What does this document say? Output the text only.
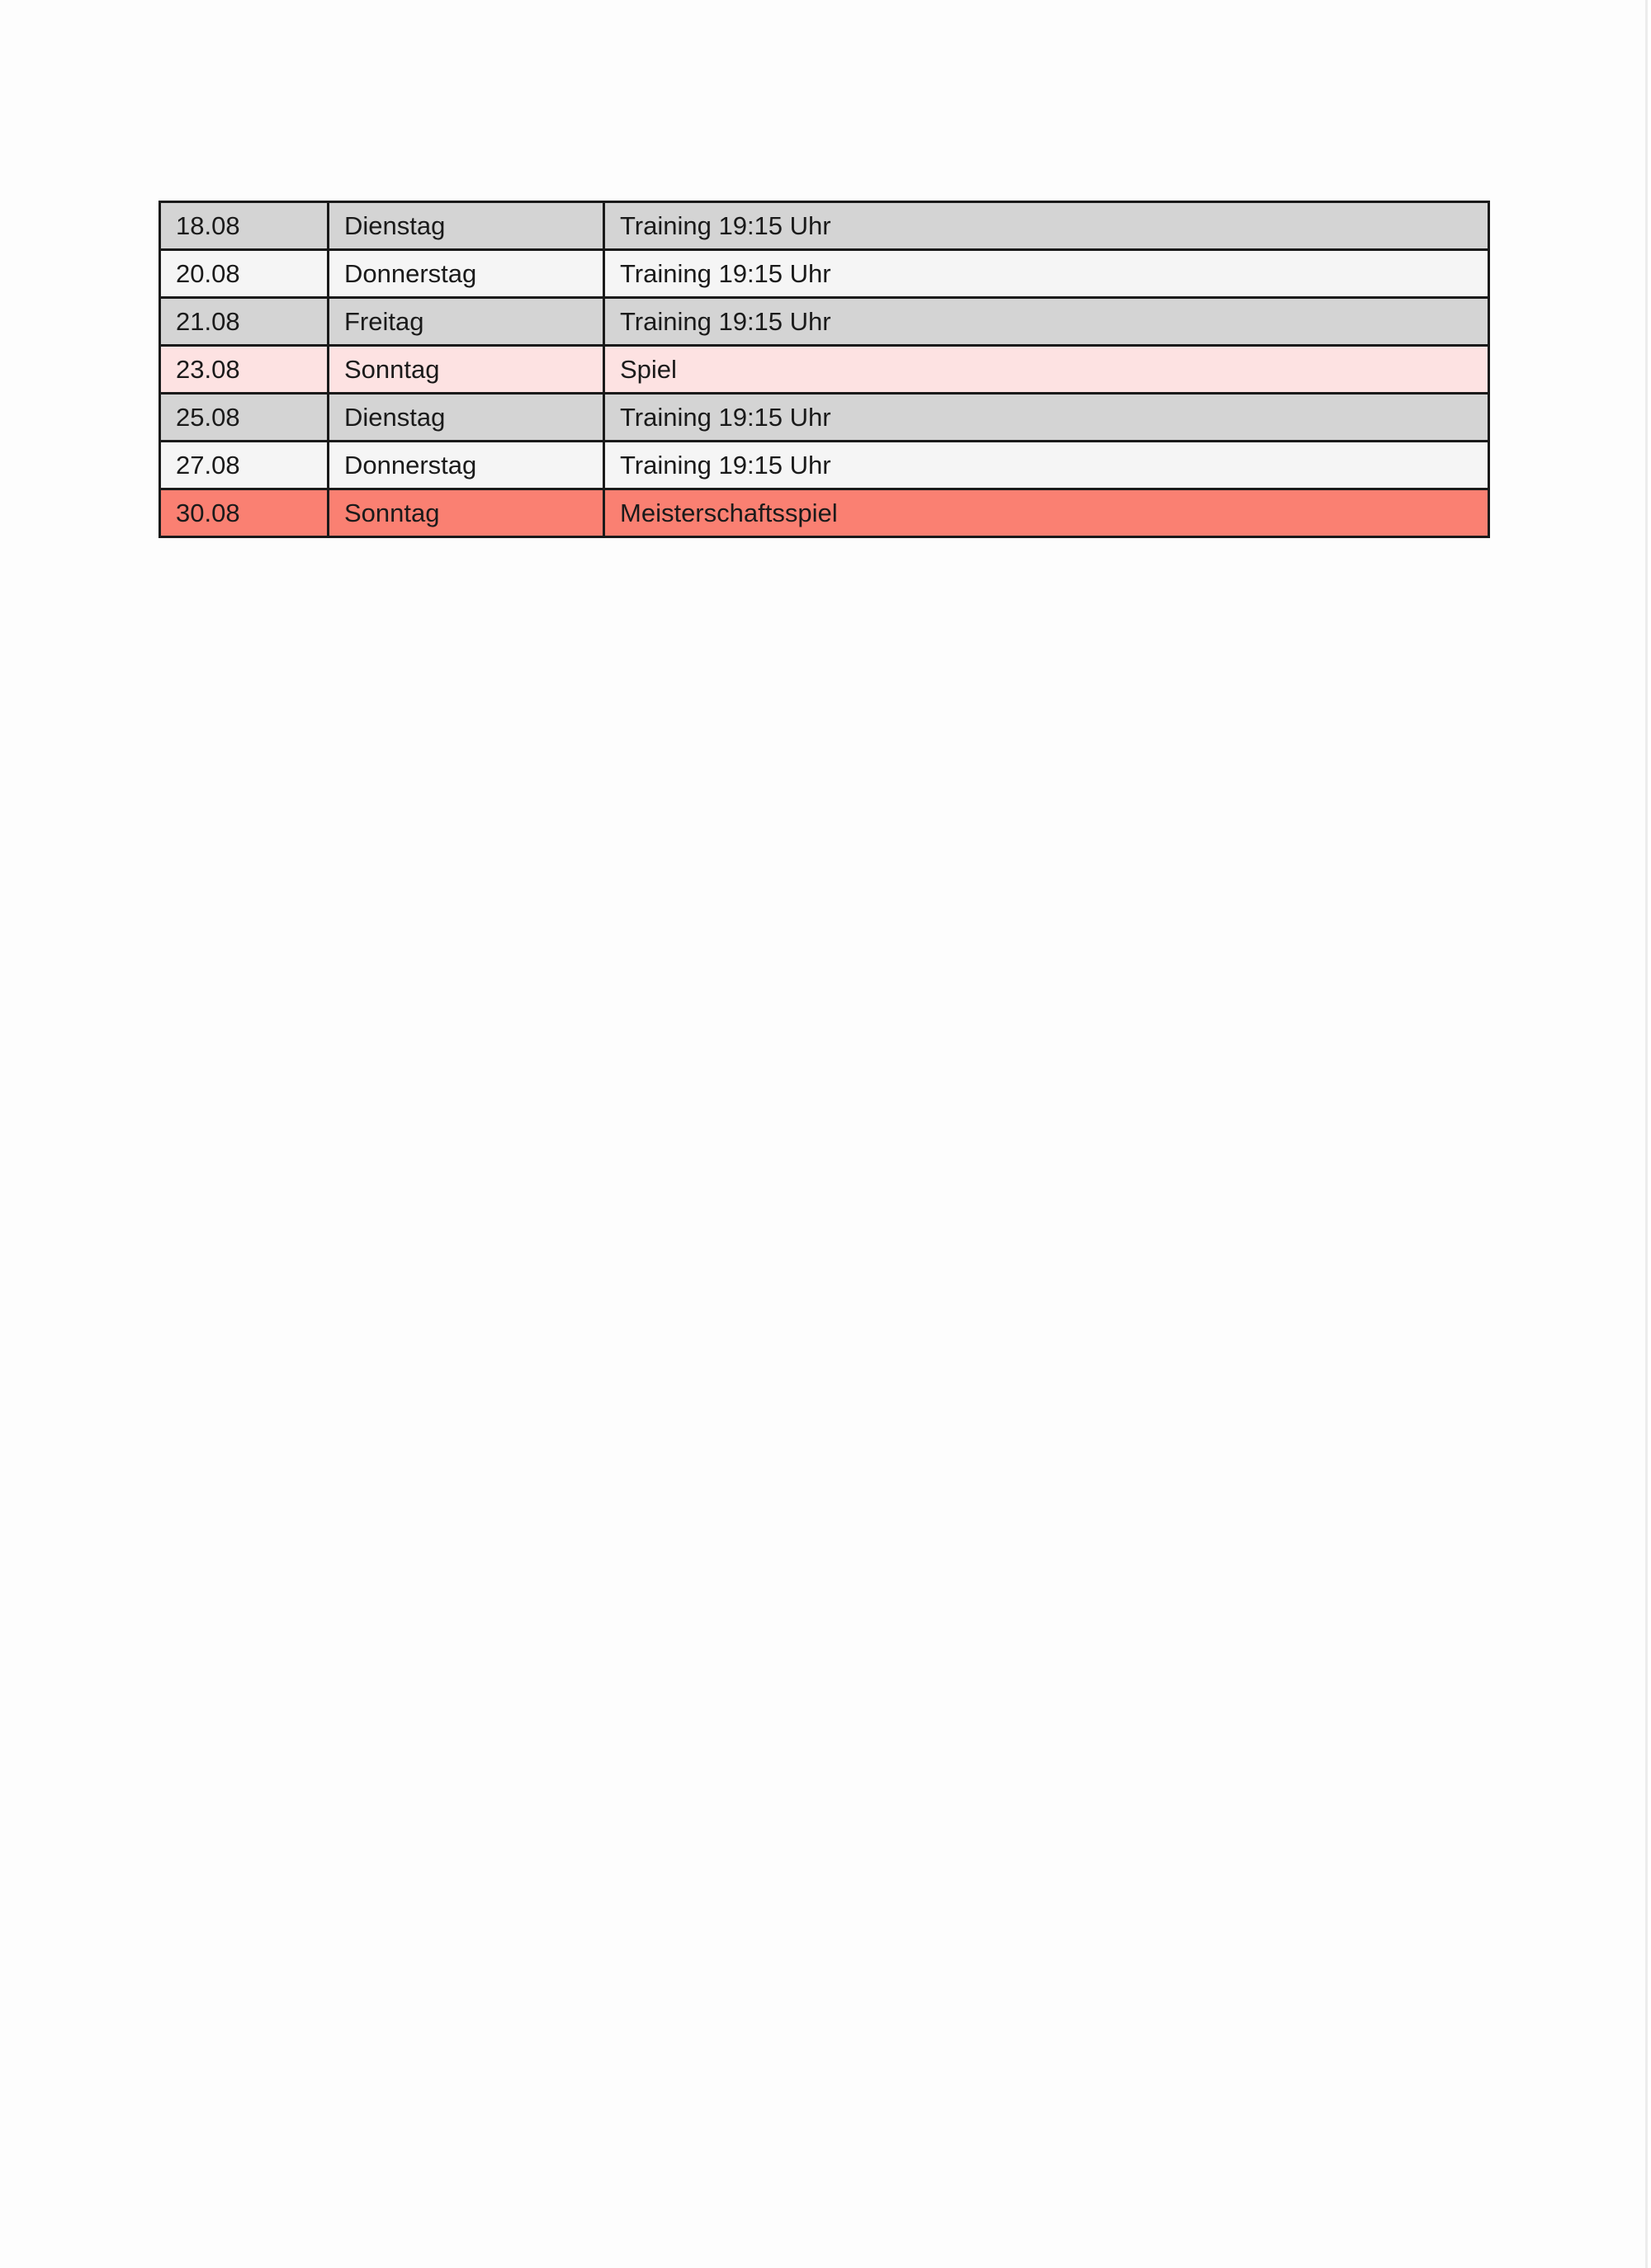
18.08	Dienstag	Training 19:15 Uhr
20.08	Donnerstag	Training 19:15 Uhr
21.08	Freitag	Training 19:15 Uhr
23.08	Sonntag	Spiel
25.08	Dienstag	Training 19:15 Uhr
27.08	Donnerstag	Training 19:15 Uhr
30.08	Sonntag	Meisterschaftsspiel
